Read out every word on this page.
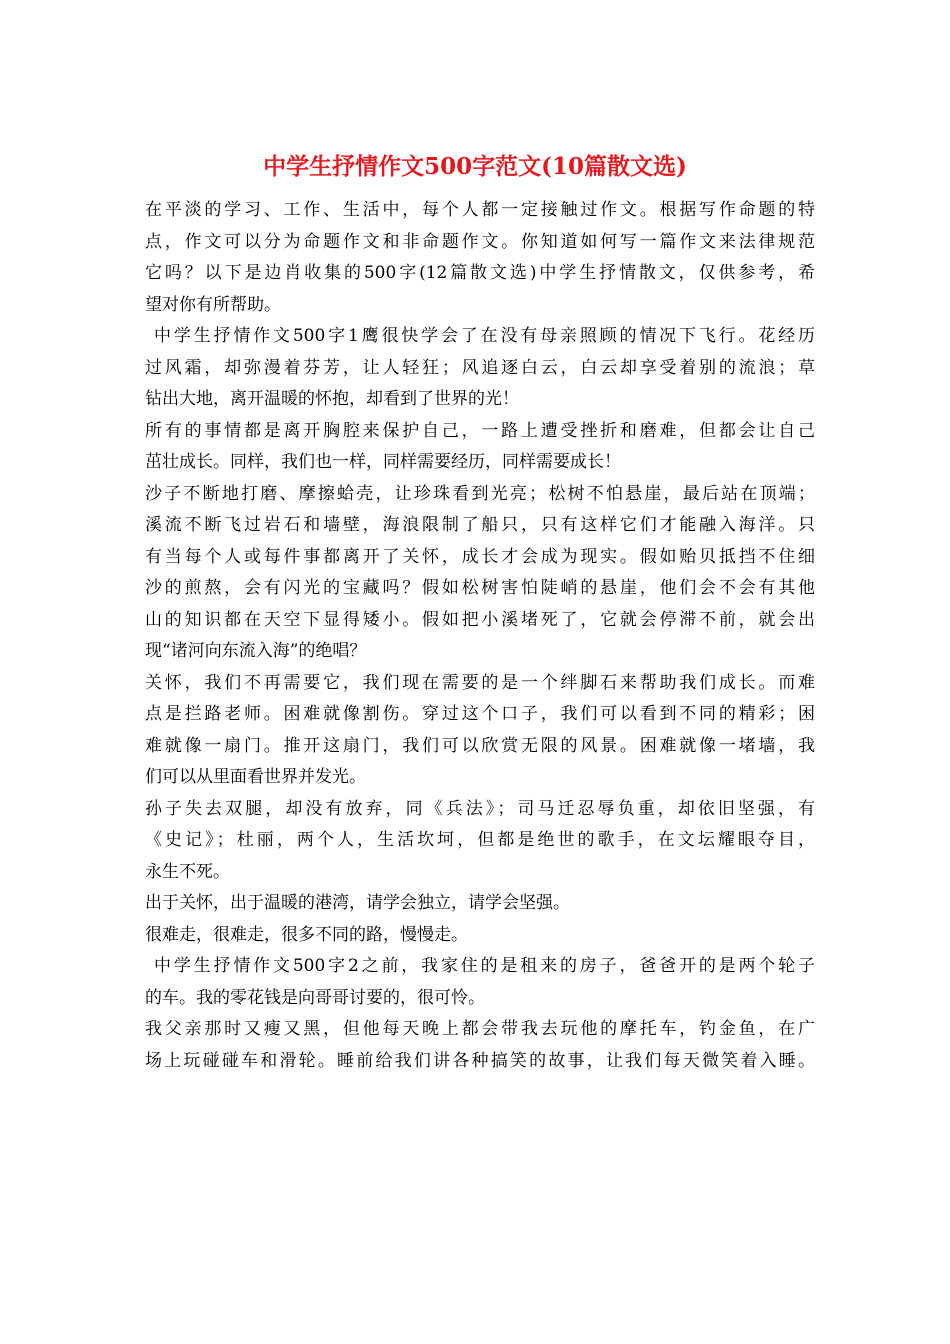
中学生抒情作文500字范文(10篇散文选)
在平淡的学习、工作、生活中，每个人都一定接触过作文。根据写作命题的特
点，作文可以分为命题作文和非命题作文。你知道如何写一篇作文来法律规范
它吗？以下是边肖收集的500字(12篇散文选)中学生抒情散文，仅供参考，希
望对你有所帮助。
中学生抒情作文500字1鹰很快学会了在没有母亲照顾的情况下飞行。花经历
过风霜，却弥漫着芬芳，让人轻狂；风追逐白云，白云却享受着别的流浪；草
钻出大地，离开温暖的怀抱，却看到了世界的光！
所有的事情都是离开胸腔来保护自己，一路上遭受挫折和磨难，但都会让自己
茁壮成长。同样，我们也一样，同样需要经历，同样需要成长！
沙子不断地打磨、摩擦蛤壳，让珍珠看到光亮；松树不怕悬崖，最后站在顶端；
溪流不断飞过岩石和墙壁，海浪限制了船只，只有这样它们才能融入海洋。只
有当每个人或每件事都离开了关怀，成长才会成为现实。假如贻贝抵挡不住细
沙的煎熬，会有闪光的宝藏吗？假如松树害怕陡峭的悬崖，他们会不会有其他
山的知识都在天空下显得矮小。假如把小溪堵死了，它就会停滞不前，就会出
现“诸河向东流入海”的绝唱？
关怀，我们不再需要它，我们现在需要的是一个绊脚石来帮助我们成长。而难
点是拦路老师。困难就像割伤。穿过这个口子，我们可以看到不同的精彩；困
难就像一扇门。推开这扇门，我们可以欣赏无限的风景。困难就像一堵墙，我
们可以从里面看世界并发光。
孙子失去双腿，却没有放弃，同《兵法》；司马迁忍辱负重，却依旧坚强，有
《史记》；杜丽，两个人，生活坎坷，但都是绝世的歌手，在文坛耀眼夺目，
永生不死。
出于关怀，出于温暖的港湾，请学会独立，请学会坚强。
很难走，很难走，很多不同的路，慢慢走。
中学生抒情作文500字2之前，我家住的是租来的房子，爸爸开的是两个轮子
的车。我的零花钱是向哥哥讨要的，很可怜。
我父亲那时又瘦又黑，但他每天晚上都会带我去玩他的摩托车，钓金鱼，在广
场上玩碰碰车和滑轮。睡前给我们讲各种搞笑的故事，让我们每天微笑着入睡。
